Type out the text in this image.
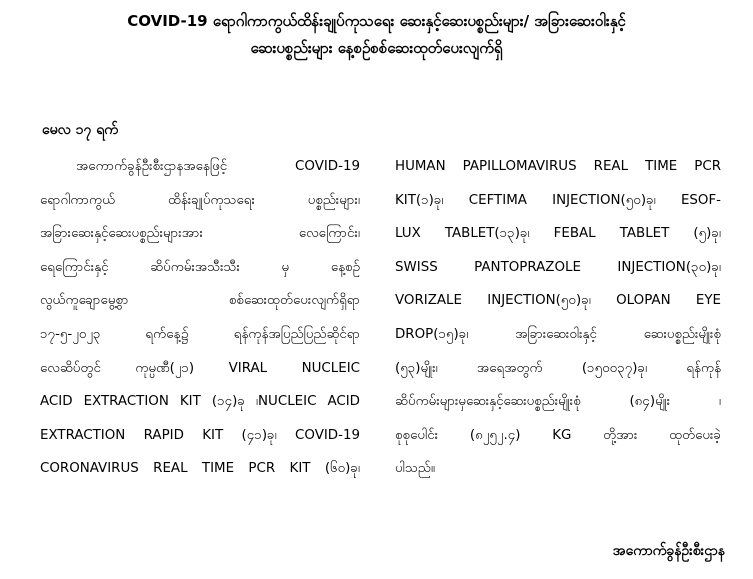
COVID-19 ရောဂါကာကွယ်ထိန်းချုပ်ကုသရေး ဆေးနှင့်ဆေးပစ္စည်းများ/ အခြားဆေးဝါးနှင့်
ဆေးပစ္စည်းများ နေ့စဉ်စစ်ဆေးထုတ်ပေးလျက်ရှိ
မေလ ၁၇ ရက်
အကောက်ခွန်ဦးစီးဌာနအနေဖြင့် COVID-19
ရောဂါကာကွယ် ထိန်းချုပ်ကုသရေး ပစ္စည်းများ၊
အခြားဆေးနှင့်ဆေးပစ္စည်းများအား လေကြောင်း၊
ရေကြောင်းနှင့် ဆိပ်ကမ်းအသီးသီး မှ နေ့စဉ်
လွယ်ကူချောမွေ့စွာ စစ်ဆေးထုတ်ပေးလျက်ရှိရာ
၁၇-၅-၂၀၂၃ ရက်နေ့၌ ရန်ကုန်အပြည်ပြည်ဆိုင်ရာ
လေဆိပ်တွင် ကုမ္ပဏီ(၂၁) VIRAL NUCLEIC
ACID EXTRACTION KIT (၁၄)ခု ၊NUCLEIC ACID
EXTRACTION RAPID KIT (၄၁)ခု၊ COVID-19
CORONAVIRUS REAL TIME PCR KIT (၆၀)ခု၊
HUMAN PAPILLOMAVIRUS REAL TIME PCR
KIT(၁)ခု၊ CEFTIMA INJECTION(၅၀)ခု၊ ESOF-
LUX TABLET(၁၃)ခု၊ FEBAL TABLET (၅)ခု၊
SWISS PANTOPRAZOLE INJECTION(၃၀)ခု၊
VORIZALE INJECTION(၅၀)ခု၊ OLOPAN EYE
DROP(၁၅)ခု၊ အခြားဆေးဝါးနှင့် ဆေးပစ္စည်းမျိုးစုံ
(၅၃)မျိုး၊ အရေအတွက် (၁၅၀၀၃၇)ခု၊ ရန်ကုန်
ဆိပ်ကမ်းများမှဆေးနှင့်ဆေးပစ္စည်းမျိုးစုံ (၈၄)မျိုး ၊
စုစုပေါင်း (၈၂၅၂.၄) KG တို့အား ထုတ်ပေးခဲ့
ပါသည်။
အကောက်ခွန်ဦးစီးဌာန
